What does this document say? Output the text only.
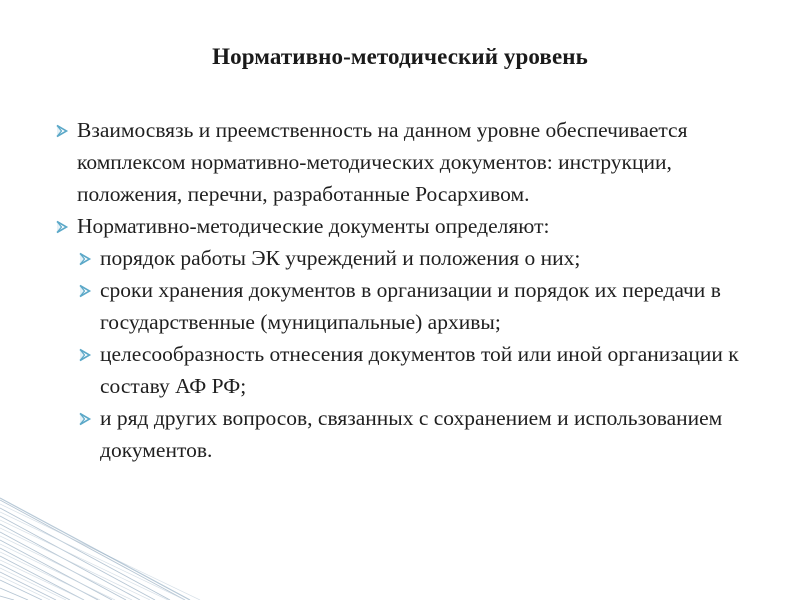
Нормативно-методический уровень
Взаимосвязь и преемственность на данном уровне обеспечивается комплексом нормативно-методических документов: инструкции, положения, перечни, разработанные Росархивом.
Нормативно-методические документы определяют:
порядок работы ЭК учреждений и положения о них;
сроки хранения документов в организации и порядок их передачи в государственные (муниципальные) архивы;
целесообразность отнесения документов той или иной организации к составу АФ РФ;
и ряд других вопросов, связанных с сохранением и использованием документов.
